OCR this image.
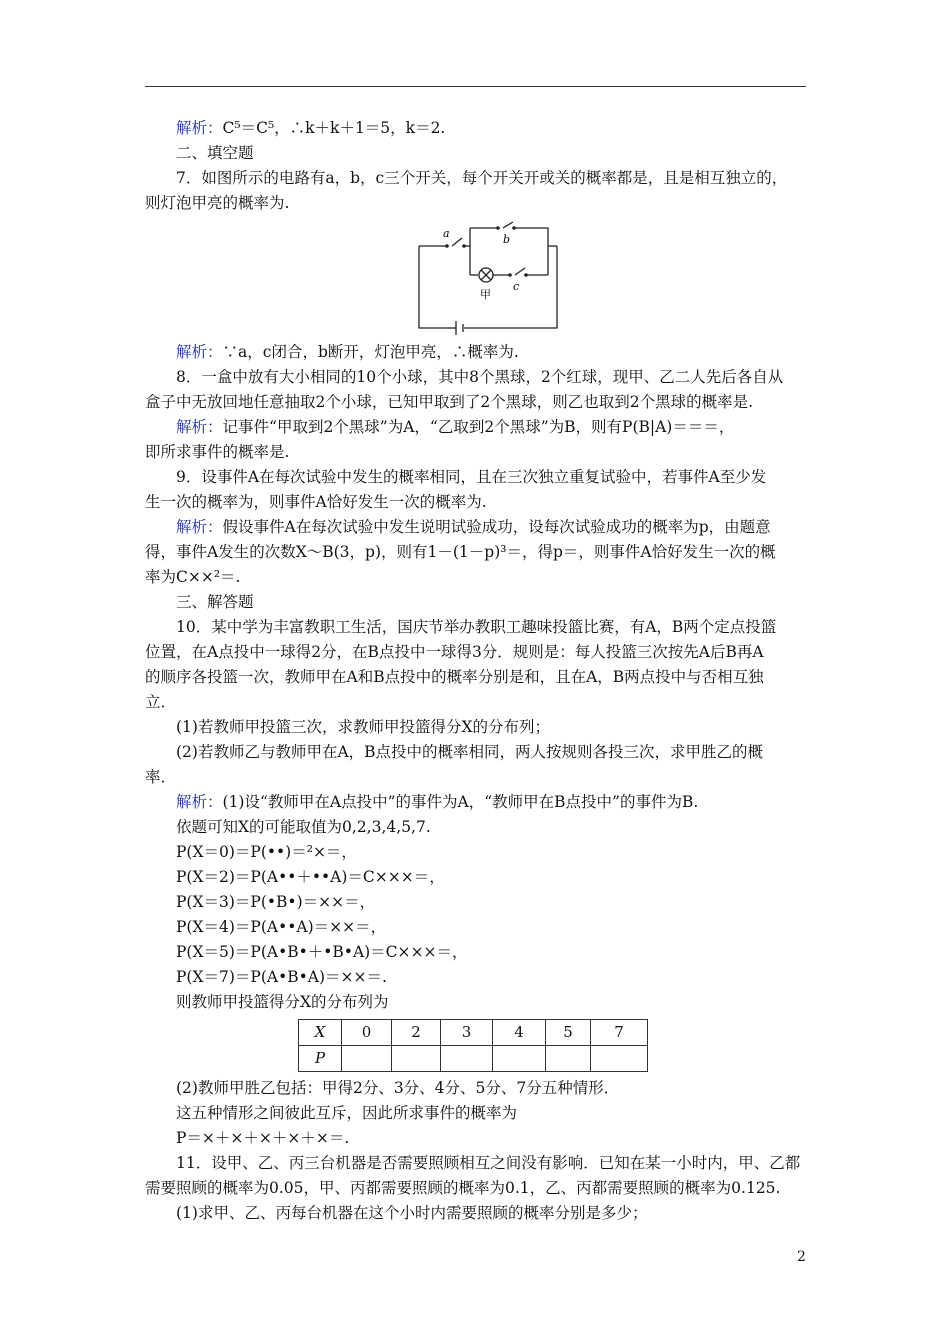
解析：C⁵＝C⁵，∴k＋k＋1＝5，k＝2.

二、填空题

7．如图所示的电路有a，b，c三个开关，每个开关开或关的概率都是，且是相互独立的，

则灯泡甲亮的概率为.

a	b
c
甲

解析：∵a，c闭合，b断开，灯泡甲亮，∴概率为.

8．一盒中放有大小相同的10个小球，其中8个黑球，2个红球，现甲、乙二人先后各自从

盒子中无放回地任意抽取2个小球，已知甲取到了2个黑球，则乙也取到2个黑球的概率是.

解析：记事件“甲取到2个黑球”为A，“乙取到2个黑球”为B，则有P(B|A)＝＝＝，

即所求事件的概率是.

9．设事件A在每次试验中发生的概率相同，且在三次独立重复试验中，若事件A至少发

生一次的概率为，则事件A恰好发生一次的概率为.

解析：假设事件A在每次试验中发生说明试验成功，设每次试验成功的概率为p，由题意

得，事件A发生的次数X～B(3，p)，则有1－(1－p)³＝，得p＝，则事件A恰好发生一次的概

率为C××²＝.

三、解答题

10．某中学为丰富教职工生活，国庆节举办教职工趣味投篮比赛，有A，B两个定点投篮

位置，在A点投中一球得2分，在B点投中一球得3分．规则是：每人投篮三次按先A后B再A

的顺序各投篮一次，教师甲在A和B点投中的概率分别是和，且在A，B两点投中与否相互独

立．

(1)若教师甲投篮三次，求教师甲投篮得分X的分布列；

(2)若教师乙与教师甲在A，B点投中的概率相同，两人按规则各投三次，求甲胜乙的概

率．

解析：(1)设“教师甲在A点投中”的事件为A，“教师甲在B点投中”的事件为B.

依题可知X的可能取值为0,2,3,4,5,7.

P(X＝0)＝P(••)＝²×＝，

P(X＝2)＝P(A••＋••A)＝C×××＝，

P(X＝3)＝P(•B•)＝××＝，

P(X＝4)＝P(A••A)＝××＝，

P(X＝5)＝P(A•B•＋•B•A)＝C×××＝，

P(X＝7)＝P(A•B•A)＝××＝.

则教师甲投篮得分X的分布列为

X	0	2	3	4	5	7
P						

(2)教师甲胜乙包括：甲得2分、3分、4分、5分、7分五种情形．

这五种情形之间彼此互斥，因此所求事件的概率为

P＝×＋×＋×＋×＋×＝.

11．设甲、乙、丙三台机器是否需要照顾相互之间没有影响．已知在某一小时内，甲、乙都

需要照顾的概率为0.05，甲、丙都需要照顾的概率为0.1，乙、丙都需要照顾的概率为0.125.

(1)求甲、乙、丙每台机器在这个小时内需要照顾的概率分别是多少；

2
